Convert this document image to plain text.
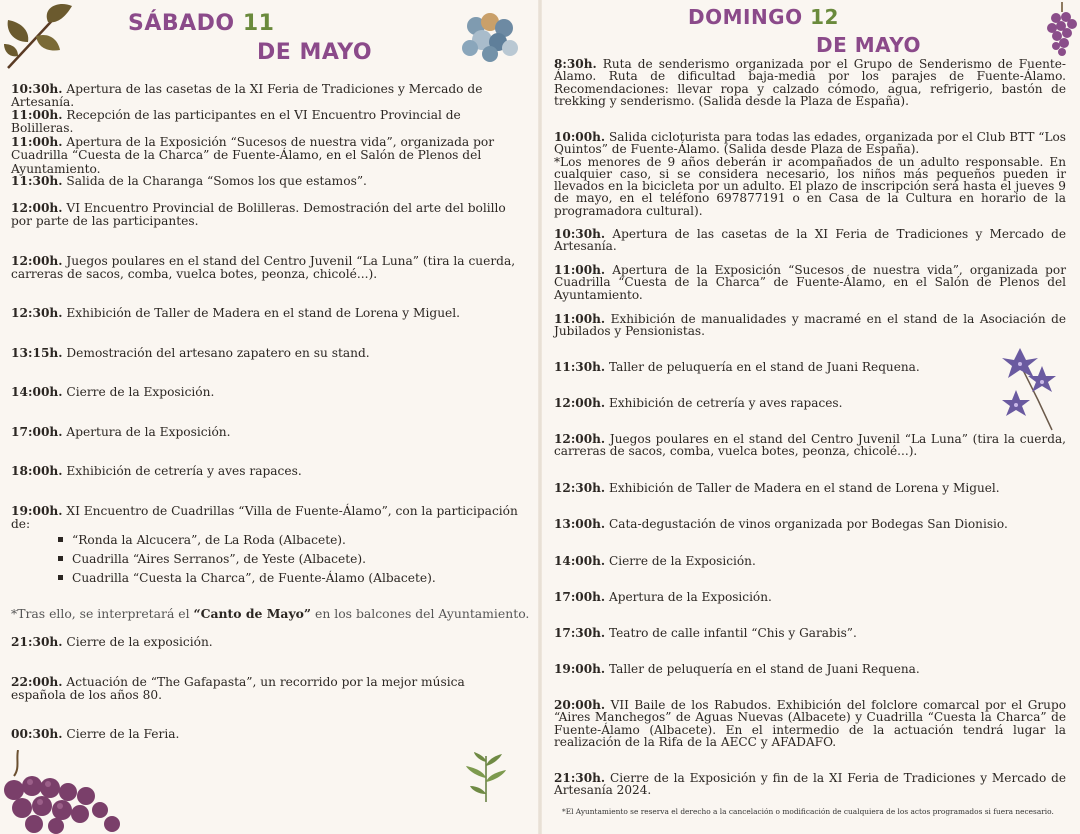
SÁBADO 11
DE MAYO
10:30h. Apertura de las casetas de la XI Feria de Tradiciones y Mercado de Artesanía.
11:00h. Recepción de las participantes en el VI Encuentro Provincial de Bolilleras.
11:00h. Apertura de la Exposición “Sucesos de nuestra vida”, organizada por Cuadrilla “Cuesta de la Charca” de Fuente-Álamo, en el Salón de Plenos del Ayuntamiento.
11:30h. Salida de la Charanga “Somos los que estamos”.
12:00h. VI Encuentro Provincial de Bolilleras. Demostración del arte del bolillo por parte de las participantes.
12:00h. Juegos poulares en el stand del Centro Juvenil “La Luna” (tira la cuerda, carreras de sacos, comba, vuelca botes, peonza, chicolé...).
12:30h. Exhibición de Taller de Madera en el stand de Lorena y Miguel.
13:15h. Demostración del artesano zapatero en su stand.
14:00h. Cierre de la Exposición.
17:00h. Apertura de la Exposición.
18:00h. Exhibición de cetrería y aves rapaces.
19:00h. XI Encuentro de Cuadrillas “Villa de Fuente-Álamo”, con la participación de:
“Ronda la Alcucera”, de La Roda (Albacete).
Cuadrilla “Aires Serranos”, de Yeste (Albacete).
Cuadrilla “Cuesta la Charca”, de Fuente-Álamo (Albacete).
*Tras ello, se interpretará el “Canto de Mayo” en los balcones del Ayuntamiento.
21:30h. Cierre de la exposición.
22:00h. Actuación de “The Gafapasta”, un recorrido por la mejor música española de los años 80.
00:30h. Cierre de la Feria.
DOMINGO 12
DE MAYO
8:30h. Ruta de senderismo organizada por el Grupo de Senderismo de Fuente-Álamo. Ruta de dificultad baja-media por los parajes de Fuente-Álamo. Recomendaciones: llevar ropa y calzado cómodo, agua, refrigerio, bastón de trekking y senderismo. (Salida desde la Plaza de España).
10:00h. Salida cicloturista para todas las edades, organizada por el Club BTT “Los Quintos” de Fuente-Álamo. (Salida desde Plaza de España).
*Los menores de 9 años deberán ir acompañados de un adulto responsable. En cualquier caso, si se considera necesario, los niños más pequeños pueden ir llevados en la bicicleta por un adulto. El plazo de inscripción será hasta el jueves 9 de mayo, en el teléfono 697877191 o en Casa de la Cultura en horario de la programadora cultural).
10:30h. Apertura de las casetas de la XI Feria de Tradiciones y Mercado de Artesanía.
11:00h. Apertura de la Exposición “Sucesos de nuestra vida”, organizada por Cuadrilla “Cuesta de la Charca” de Fuente-Álamo, en el Salón de Plenos del Ayuntamiento.
11:00h. Exhibición de manualidades y macramé en el stand de la Asociación de Jubilados y Pensionistas.
11:30h. Taller de peluquería en el stand de Juani Requena.
12:00h. Exhibición de cetrería y aves rapaces.
12:00h. Juegos poulares en el stand del Centro Juvenil “La Luna” (tira la cuerda, carreras de sacos, comba, vuelca botes, peonza, chicolé...).
12:30h. Exhibición de Taller de Madera en el stand de Lorena y Miguel.
13:00h. Cata-degustación de vinos organizada por Bodegas San Dionisio.
14:00h. Cierre de la Exposición.
17:00h. Apertura de la Exposición.
17:30h. Teatro de calle infantil “Chis y Garabis”.
19:00h. Taller de peluquería en el stand de Juani Requena.
20:00h. VII Baile de los Rabudos. Exhibición del folclore comarcal por el Grupo “Aires Manchegos” de Aguas Nuevas (Albacete) y Cuadrilla “Cuesta la Charca” de Fuente-Álamo (Albacete). En el intermedio de la actuación tendrá lugar la realización de la Rifa de la AECC y AFADAFO.
21:30h. Cierre de la Exposición y fin de la XI Feria de Tradiciones y Mercado de Artesanía 2024.
*El Ayuntamiento se reserva el derecho a la cancelación o modificación de cualquiera de los actos programados si fuera necesario.
